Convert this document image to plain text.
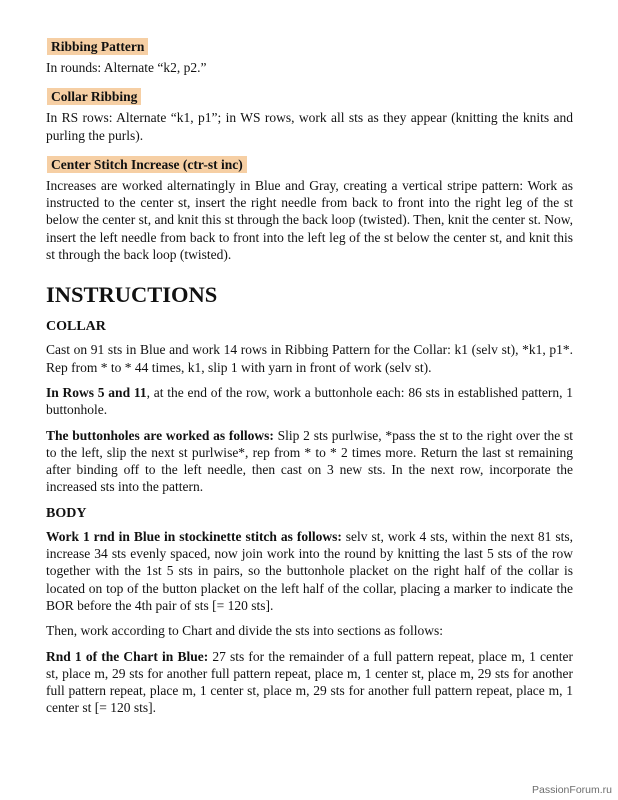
Ribbing Pattern

In rounds: Alternate “k2, p2.”

Collar Ribbing

In RS rows: Alternate “k1, p1”; in WS rows, work all sts as they appear (knitting the knits and purling the purls).

Center Stitch Increase (ctr-st inc)

Increases are worked alternatingly in Blue and Gray, creating a vertical stripe pattern: Work as instructed to the center st, insert the right needle from back to front into the right leg of the st below the center st, and knit this st through the back loop (twisted). Then, knit the center st. Now, insert the left needle from back to front into the left leg of the st below the center st, and knit this st through the back loop (twisted).

INSTRUCTIONS
COLLAR

Cast on 91 sts in Blue and work 14 rows in Ribbing Pattern for the Collar: k1 (selv st), *k1, p1*. Rep from * to * 44 times, k1, slip 1 with yarn in front of work (selv st).

In Rows 5 and 11, at the end of the row, work a buttonhole each: 86 sts in established pattern, 1 buttonhole.

The buttonholes are worked as follows: Slip 2 sts purlwise, *pass the st to the right over the st to the left, slip the next st purlwise*, rep from * to * 2 times more. Return the last st remaining after binding off to the left needle, then cast on 3 new sts. In the next row, incorporate the increased sts into the pattern.

BODY

Work 1 rnd in Blue in stockinette stitch as follows: selv st, work 4 sts, within the next 81 sts, increase 34 sts evenly spaced, now join work into the round by knitting the last 5 sts of the row together with the 1st 5 sts in pairs, so the buttonhole placket on the right half of the collar is located on top of the button placket on the left half of the collar, placing a marker to indicate the BOR before the 4th pair of sts [= 120 sts].

Then, work according to Chart and divide the sts into sections as follows:

Rnd 1 of the Chart in Blue: 27 sts for the remainder of a full pattern repeat, place m, 1 center st, place m, 29 sts for another full pattern repeat, place m, 1 center st, place m, 29 sts for another full pattern repeat, place m, 1 center st, place m, 29 sts for another full pattern repeat, place m, 1 center st [= 120 sts].

PassionForum.ru
